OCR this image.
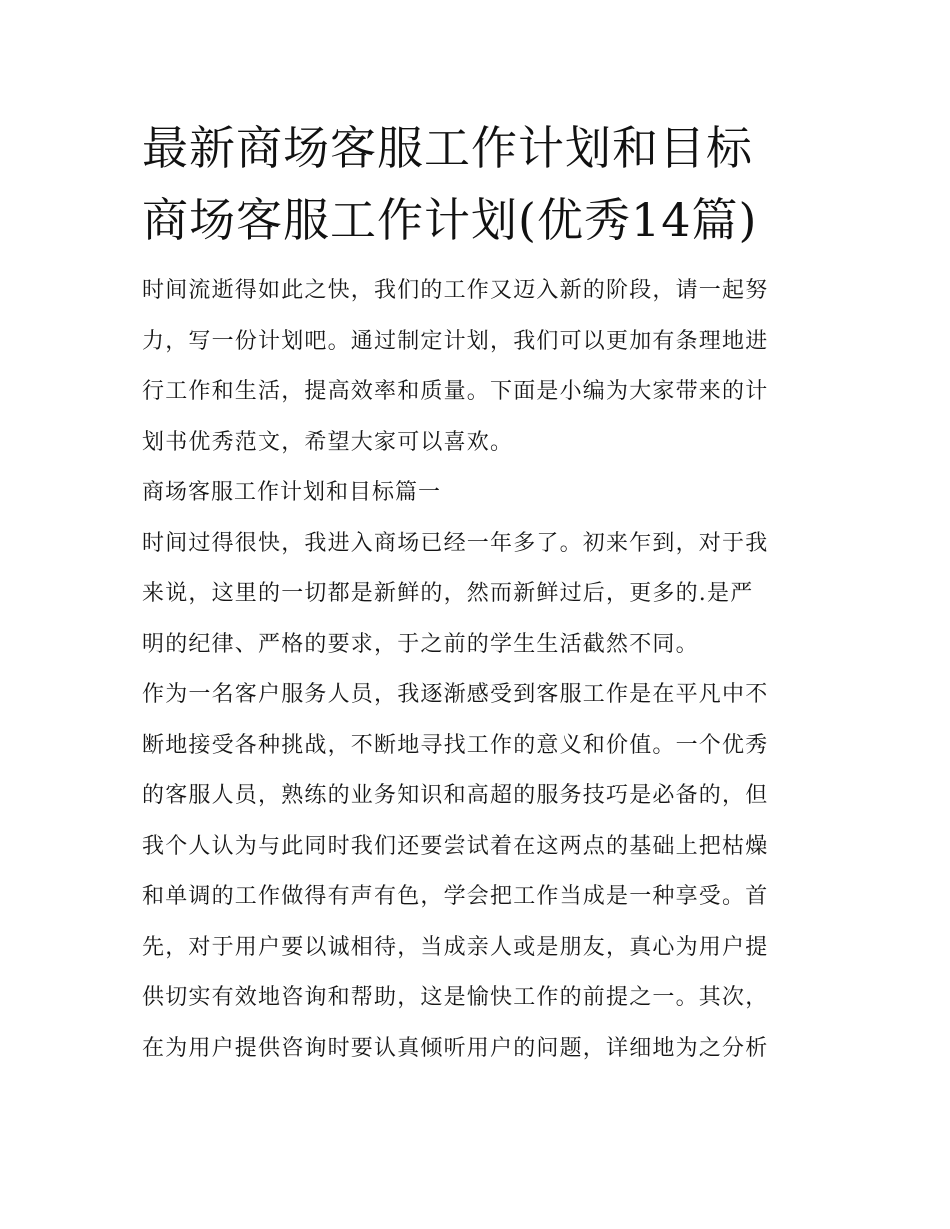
最新商场客服工作计划和目标
商场客服工作计划(优秀14篇)

时间流逝得如此之快，我们的工作又迈入新的阶段，请一起努
力，写一份计划吧。通过制定计划，我们可以更加有条理地进
行工作和生活，提高效率和质量。下面是小编为大家带来的计
划书优秀范文，希望大家可以喜欢。

商场客服工作计划和目标篇一

时间过得很快，我进入商场已经一年多了。初来乍到，对于我
来说，这里的一切都是新鲜的，然而新鲜过后，更多的.是严
明的纪律、严格的要求，于之前的学生生活截然不同。

作为一名客户服务人员，我逐渐感受到客服工作是在平凡中不
断地接受各种挑战，不断地寻找工作的意义和价值。一个优秀
的客服人员，熟练的业务知识和高超的服务技巧是必备的，但
我个人认为与此同时我们还要尝试着在这两点的基础上把枯燥
和单调的工作做得有声有色，学会把工作当成是一种享受。首
先，对于用户要以诚相待，当成亲人或是朋友，真心为用户提
供切实有效地咨询和帮助，这是愉快工作的前提之一。其次，
在为用户提供咨询时要认真倾听用户的问题，详细地为之分析
